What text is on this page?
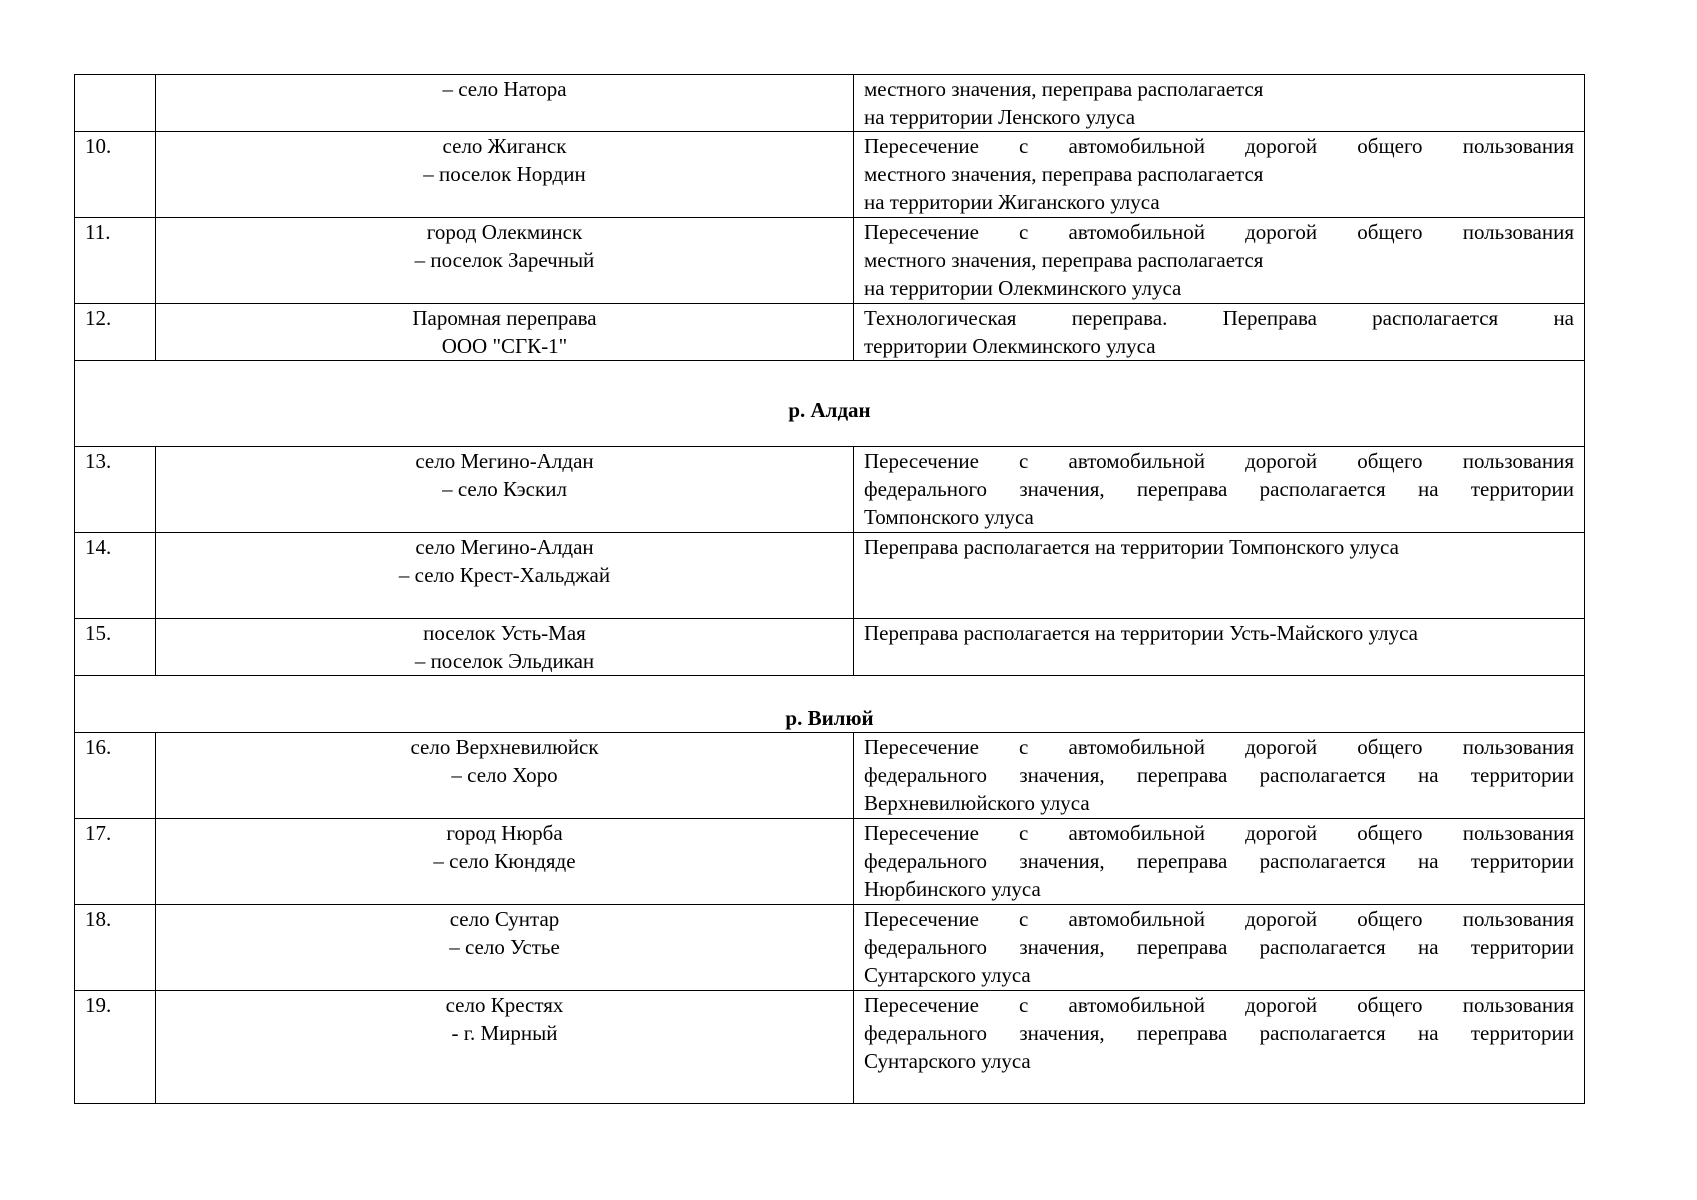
	– село Натора	местного значения, переправа располагается
на территории Ленского улуса

10.	село Жиганск
– поселок Нордин	Пересечение с автомобильной дорогой общего пользования
местного значения, переправа располагается
на территории Жиганского улуса

11.	город Олекминск
– поселок Заречный	Пересечение с автомобильной дорогой общего пользования
местного значения, переправа располагается
на территории Олекминского улуса

12.	Паромная переправа
ООО "СГК-1"	Технологическая переправа. Переправа располагается на
территории Олекминского улуса

р. Алдан		
13.	село Мегино-Алдан
– село Кэскил	Пересечение с автомобильной дорогой общего пользования
федерального значения, переправа располагается на территории
Томпонского улуса

14.	село Мегино-Алдан
– село Крест-Хальджай	Переправа располагается на территории Томпонского улуса

15.	поселок Усть-Мая
– поселок Эльдикан	Переправа располагается на территории Усть-Майского улуса

р. Вилюй		
16.	село Верхневилюйск
– село Хоро	Пересечение с автомобильной дорогой общего пользования
федерального значения, переправа располагается на территории
Верхневилюйского улуса

17.	город Нюрба
– село Кюндяде	Пересечение с автомобильной дорогой общего пользования
федерального значения, переправа располагается на территории
Нюрбинского улуса

18.	село Сунтар
– село Устье	Пересечение с автомобильной дорогой общего пользования
федерального значения, переправа располагается на территории
Сунтарского улуса

19.	село Крестях
- г. Мирный	Пересечение с автомобильной дорогой общего пользования
федерального значения, переправа располагается на территории
Сунтарского улуса
